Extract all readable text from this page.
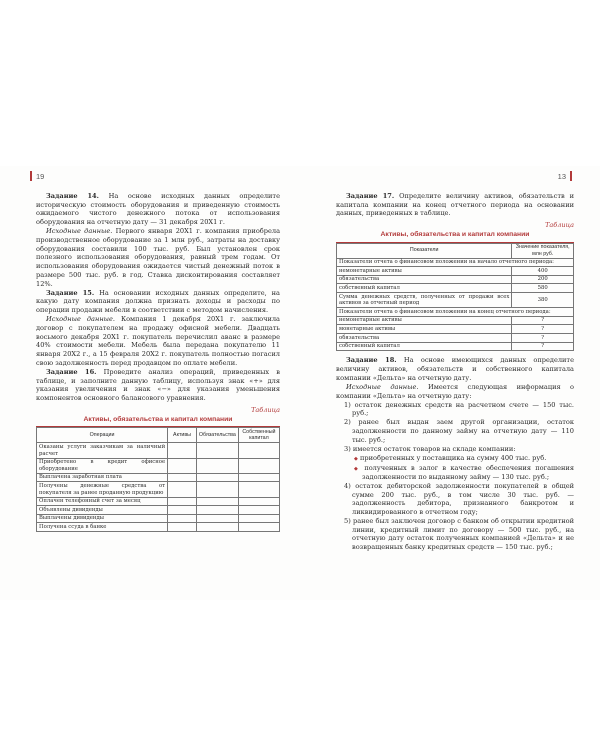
19

Задание 14. На основе исходных данных определите историческую стоимость оборудования и приведенную стоимость ожидаемого чистого денежного потока от использования оборудования на отчетную дату — 31 декабря 20X1 г.

Исходные данные. Первого января 20X1 г. компания приобрела производственное оборудование за 1 млн руб., затраты на доставку оборудования составили 100 тыс. руб. Был установлен срок полезного использования оборудования, равный трем годам. От использования оборудования ожидается чистый денежный поток в размере 500 тыс. руб. в год. Ставка дисконтирования составляет 12%.

Задание 15. На основании исходных данных определите, на какую дату компания должна признать доходы и расходы по операции продажи мебели в соответствии с методом начисления.

Исходные данные. Компания 1 декабря 20X1 г. заключила договор с покупателем на продажу офисной мебели. Двадцать восьмого декабря 20X1 г. покупатель перечислил аванс в размере 40% стоимости мебели. Мебель была передана покупателю 11 января 20X2 г., а 15 февраля 20X2 г. покупатель полностью погасил свою задолженность перед продавцом по оплате мебели.

Задание 16. Проведите анализ операций, приведенных в таблице, и заполните данную таблицу, используя знак «+» для указания увеличения и знак «−» для указания уменьшения компонентов основного балансового уравнения.

Таблица
Активы, обязательства и капитал компании
Операции	Активы	Обязательства	Собственный капитал
Оказаны услуги заказчикам за наличный расчет			
Приобретено в кредит офисное оборудование			
Выплачена заработная плата			
Получены денежные средства от покупателя за ранее проданную продукцию			
Оплачен телефонный счет за месяц			
Объявлены дивиденды			
Выплачены дивиденды			
Получена ссуда в банке			
13

Задание 17. Определите величину активов, обязательств и капитала компании на конец отчетного периода на основании данных, приведенных в таблице.

Таблица
Активы, обязательства и капитал компании
Показатели	Значение показателя, млн руб.
Показатели отчета о финансовом положении на начало отчетного периода:	
немонетарные активы	400
обязательства	200
собственный капитал	580
Сумма денежных средств, полученных от продажи всех активов за отчетный период	380
Показатели отчета о финансовом положении на конец отчетного периода:	
немонетарные активы	?
монетарные активы	?
обязательства	?
собственный капитал	?

Задание 18. На основе имеющихся данных определите величину активов, обязательств и собственного капитала компании «Дельта» на отчетную дату.

Исходные данные. Имеется следующая информация о компании «Дельта» на отчетную дату:

1) остаток денежных средств на расчетном счете — 150 тыс. руб.;
2) ранее был выдан заем другой организации, остаток задолженности по данному займу на отчетную дату — 110 тыс. руб.;
3) имеется остаток товаров на складе компании:
◆ приобретенных у поставщика на сумму 400 тыс. руб.
◆ полученных в залог в качестве обеспечения погашения задолженности по выданному займу — 130 тыс. руб.;
4) остаток дебиторской задолженности покупателей в общей сумме 200 тыс. руб., в том числе 30 тыс. руб. — задолженность дебитора, признанного банкротом и ликвидированного в отчетном году;
5) ранее был заключен договор с банком об открытии кредитной линии, кредитный лимит по договору — 500 тыс. руб., на отчетную дату остаток полученных компанией «Дельта» и не возвращенных банку кредитных средств — 150 тыс. руб.;
